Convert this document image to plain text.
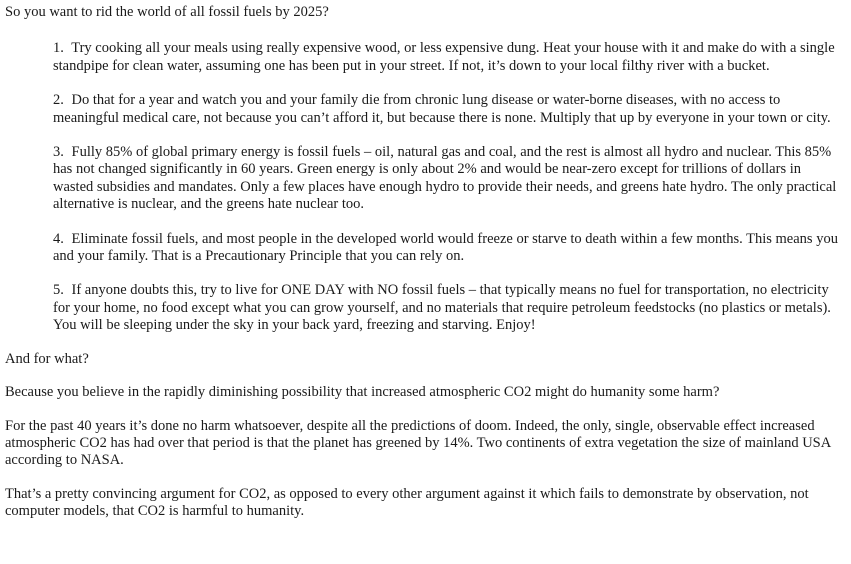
So you want to rid the world of all fossil fuels by 2025?

1. Try cooking all your meals using really expensive wood, or less expensive dung. Heat your house with it and make do with a single standpipe for clean water, assuming one has been put in your street. If not, it’s down to your local filthy river with a bucket.
2. Do that for a year and watch you and your family die from chronic lung disease or water-borne diseases, with no access to meaningful medical care, not because you can’t afford it, but because there is none. Multiply that up by everyone in your town or city.
3. Fully 85% of global primary energy is fossil fuels – oil, natural gas and coal, and the rest is almost all hydro and nuclear. This 85% has not changed significantly in 60 years. Green energy is only about 2% and would be near-zero except for trillions of dollars in wasted subsidies and mandates. Only a few places have enough hydro to provide their needs, and greens hate hydro. The only practical alternative is nuclear, and the greens hate nuclear too.
4. Eliminate fossil fuels, and most people in the developed world would freeze or starve to death within a few months. This means you and your family. That is a Precautionary Principle that you can rely on.
5. If anyone doubts this, try to live for ONE DAY with NO fossil fuels – that typically means no fuel for transportation, no electricity for your home, no food except what you can grow yourself, and no materials that require petroleum feedstocks (no plastics or metals). You will be sleeping under the sky in your back yard, freezing and starving. Enjoy!

And for what?

Because you believe in the rapidly diminishing possibility that increased atmospheric CO2 might do humanity some harm?

For the past 40 years it’s done no harm whatsoever, despite all the predictions of doom. Indeed, the only, single, observable effect increased atmospheric CO2 has had over that period is that the planet has greened by 14%. Two continents of extra vegetation the size of mainland USA according to NASA.

That’s a pretty convincing argument for CO2, as opposed to every other argument against it which fails to demonstrate by observation, not computer models, that CO2 is harmful to humanity.
